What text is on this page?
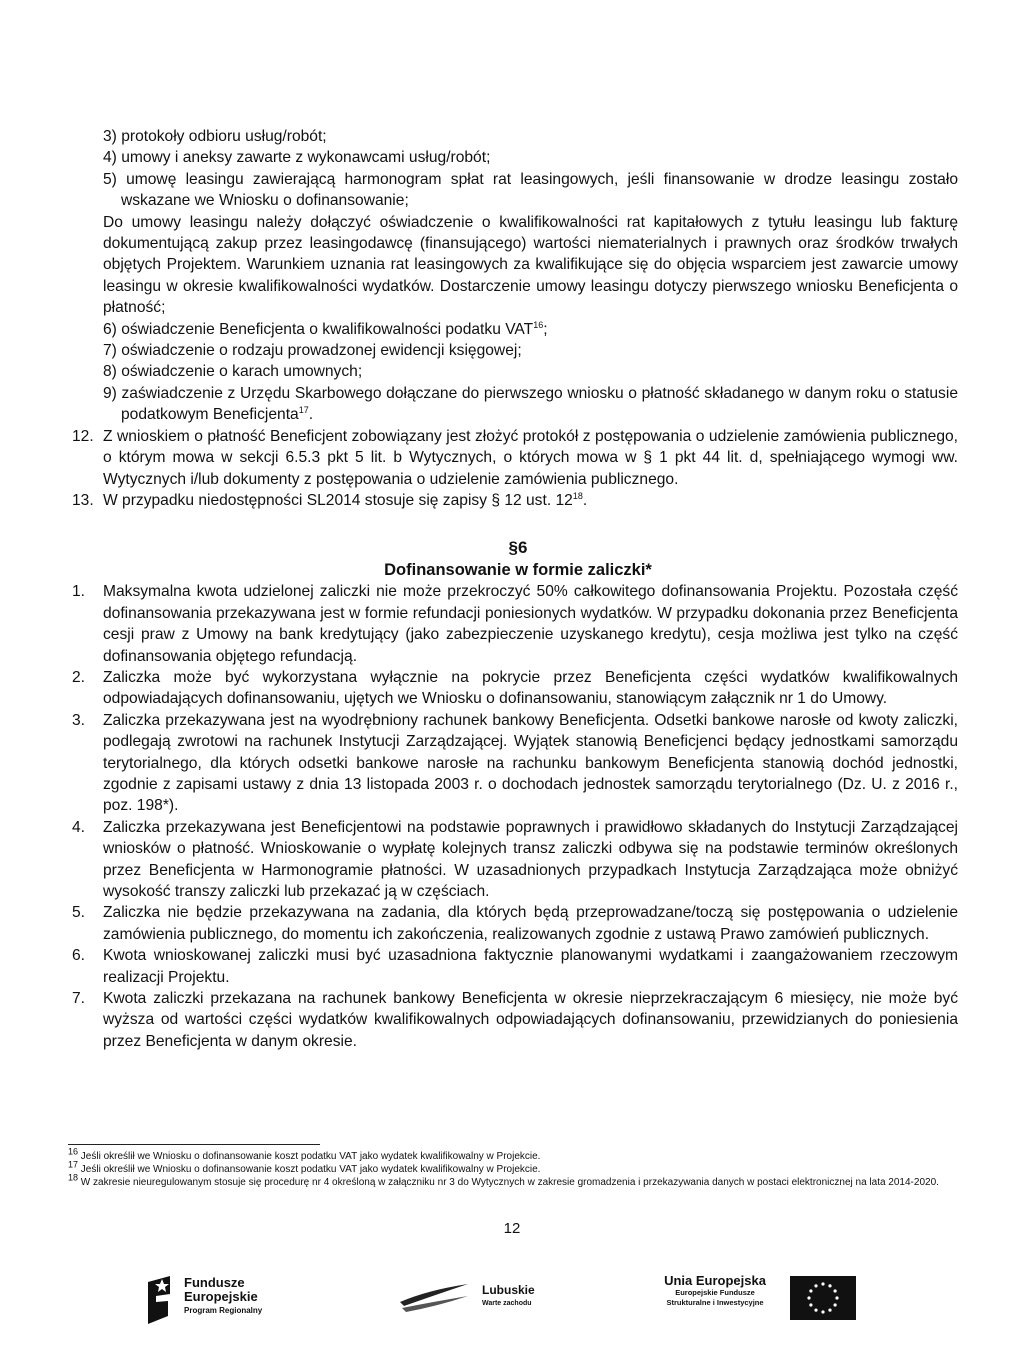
3) protokoły odbioru usług/robót;
4) umowy i aneksy zawarte z wykonawcami usług/robót;
5) umowę leasingu zawierającą harmonogram spłat rat leasingowych, jeśli finansowanie w drodze leasingu zostało wskazane we Wniosku o dofinansowanie;
Do umowy leasingu należy dołączyć oświadczenie o kwalifikowalności rat kapitałowych z tytułu leasingu lub fakturę dokumentującą zakup przez leasingodawcę (finansującego) wartości niematerialnych i prawnych oraz środków trwałych objętych Projektem. Warunkiem uznania rat leasingowych za kwalifikujące się do objęcia wsparciem jest zawarcie umowy leasingu w okresie kwalifikowalności wydatków. Dostarczenie umowy leasingu dotyczy pierwszego wniosku Beneficjenta o płatność;
6) oświadczenie Beneficjenta o kwalifikowalności podatku VAT$^{16}$;
7) oświadczenie o rodzaju prowadzonej ewidencji księgowej;
8) oświadczenie o karach umownych;
9) zaświadczenie z Urzędu Skarbowego dołączane do pierwszego wniosku o płatność składanego w danym roku o statusie podatkowym Beneficjenta$^{17}$.
12. Z wnioskiem o płatność Beneficjent zobowiązany jest złożyć protokół z postępowania o udzielenie zamówienia publicznego, o którym mowa w sekcji 6.5.3 pkt 5 lit. b Wytycznych, o których mowa w § 1 pkt 44 lit. d, spełniającego wymogi ww. Wytycznych i/lub dokumenty z postępowania o udzielenie zamówienia publicznego.
13. W przypadku niedostępności SL2014 stosuje się zapisy § 12 ust. $12^{18}$.
§6
Dofinansowanie w formie zaliczki*
1. Maksymalna kwota udzielonej zaliczki nie może przekroczyć 50% całkowitego dofinansowania Projektu. Pozostała część dofinansowania przekazywana jest w formie refundacji poniesionych wydatków. W przypadku dokonania przez Beneficjenta cesji praw z Umowy na bank kredytujący (jako zabezpieczenie uzyskanego kredytu), cesja możliwa jest tylko na część dofinansowania objętego refundacją.
2. Zaliczka może być wykorzystana wyłącznie na pokrycie przez Beneficjenta części wydatków kwalifikowalnych odpowiadających dofinansowaniu, ujętych we Wniosku o dofinansowaniu, stanowiącym załącznik nr 1 do Umowy.
3. Zaliczka przekazywana jest na wyodrębniony rachunek bankowy Beneficjenta. Odsetki bankowe narosłe od kwoty zaliczki, podlegają zwrotowi na rachunek Instytucji Zarządzającej. Wyjątek stanowią Beneficjenci będący jednostkami samorządu terytorialnego, dla których odsetki bankowe narosłe na rachunku bankowym Beneficjenta stanowią dochód jednostki, zgodnie z zapisami ustawy z dnia 13 listopada 2003 r. o dochodach jednostek samorządu terytorialnego (Dz. U. z 2016 r., poz. 198*).
4. Zaliczka przekazywana jest Beneficjentowi na podstawie poprawnych i prawidłowo składanych do Instytucji Zarządzającej wniosków o płatność. Wnioskowanie o wypłatę kolejnych transz zaliczki odbywa się na podstawie terminów określonych przez Beneficjenta w Harmonogramie płatności. W uzasadnionych przypadkach Instytucja Zarządzająca może obniżyć wysokość transzy zaliczki lub przekazać ją w częściach.
5. Zaliczka nie będzie przekazywana na zadania, dla których będą przeprowadzane/toczą się postępowania o udzielenie zamówienia publicznego, do momentu ich zakończenia, realizowanych zgodnie z ustawą Prawo zamówień publicznych.
6. Kwota wnioskowanej zaliczki musi być uzasadniona faktycznie planowanymi wydatkami i zaangażowaniem rzeczowym realizacji Projektu.
7. Kwota zaliczki przekazana na rachunek bankowy Beneficjenta w okresie nieprzekraczającym 6 miesięcy, nie może być wyższa od wartości części wydatków kwalifikowalnych odpowiadających dofinansowaniu, przewidzianych do poniesienia przez Beneficjenta w danym okresie.
$^{16}$ Jeśli określił we Wniosku o dofinansowanie koszt podatku VAT jako wydatek kwalifikowalny w Projekcie.
$^{17}$ Jeśli określił we Wniosku o dofinansowanie koszt podatku VAT jako wydatek kwalifikowalny w Projekcie.
$^{18}$ W zakresie nieuregulowanym stosuje się procedurę nr 4 określoną w załączniku nr 3 do Wytycznych w zakresie gromadzenia i przekazywania danych w postaci elektronicznej na lata 2014-2020.
12
Fundusze
Europejskie
Program Regionalny
Lubuskie
Warte zachodu
Unia Europejska
Europejskie Fundusze
Strukturalne i Inwestycyjne
